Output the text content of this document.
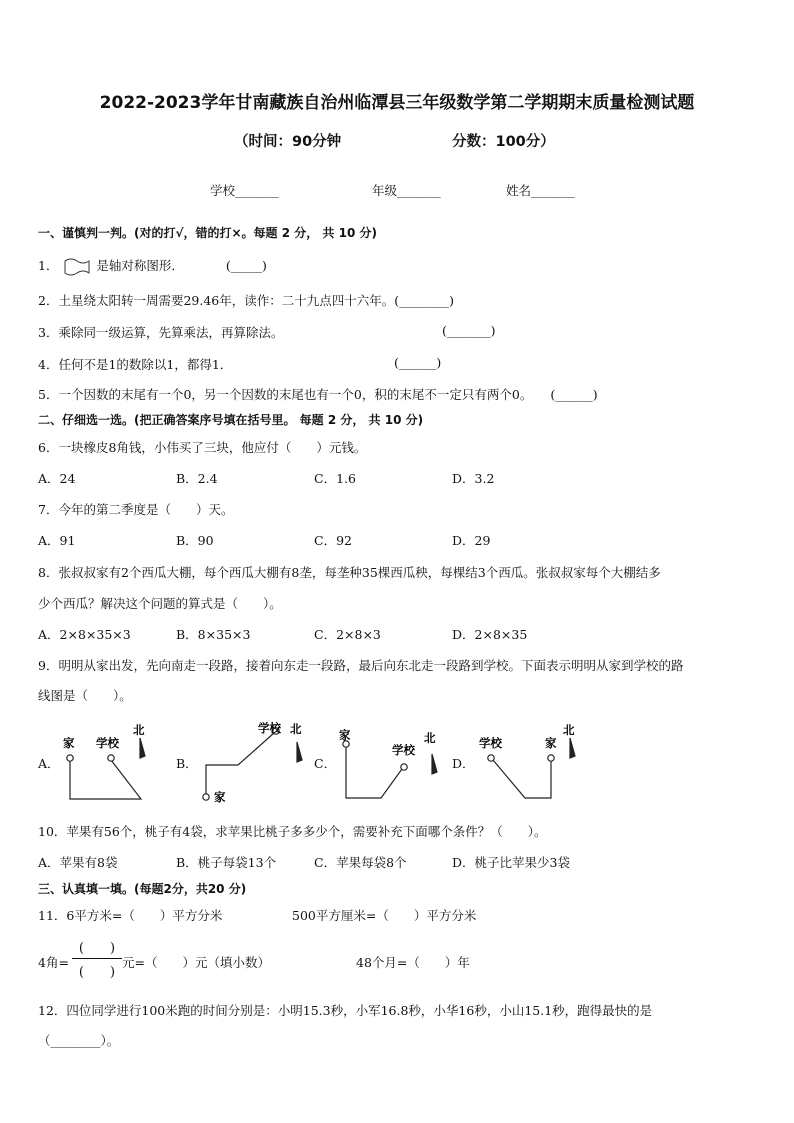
2022-2023学年甘南藏族自治州临潭县三年级数学第二学期期末质量检测试题
（时间：90分钟	分数：100分）
学校_______	年级_______	姓名_______
一、谨慎判一判。(对的打√，错的打×。每题 2 分， 共 10 分)
1．	是轴对称图形．	(_____)
2．土星绕太阳转一周需要29.46年，读作：二十九点四十六年。(________)
3．乘除同一级运算，先算乘法，再算除法。	(_______)
4．任何不是1的数除以1，都得1．	(______)
5．一个因数的末尾有一个0，另一个因数的末尾也有一个0，积的末尾不一定只有两个0。 (______)
二、仔细选一选。(把正确答案序号填在括号里。 每题 2 分， 共 10 分)
6．一块橡皮8角钱，小伟买了三块，他应付（　　）元钱。
A．24	B．2.4	C．1.6	D．3.2
7．今年的第二季度是（　　）天。
A．91	B．90	C．92	D．29
8．张叔叔家有2个西瓜大棚，每个西瓜大棚有8垄，每垄种35棵西瓜秧，每棵结3个西瓜。张叔叔家每个大棚结多
少个西瓜？解决这个问题的算式是（　　）。
A．2×8×35×3	B．8×35×3	C．2×8×3	D．2×8×35
9．明明从家出发，先向南走一段路，接着向东走一段路，最后向东北走一段路到学校。下面表示明明从家到学校的路
线图是（　　）。
A．	B．	C．	D．
家 学校
北
家
学校 北	家
学校
北	学校	家
北
10．苹果有56个，桃子有4袋，求苹果比桃子多多少个，需要补充下面哪个条件？（　　）。
A．苹果有8袋	B．桃子每袋13个	C．苹果每袋8个	D．桃子比苹果少3袋
三、认真填一填。(每题2分，共20 分)
11．6平方米=（　　）平方分米	500平方厘米=（　　）平方分米
4角=
(　　)
(　　)
元=（　　）元（填小数）	48个月=（　　）年
12．四位同学进行100米跑的时间分别是：小明15.3秒，小军16.8秒，小华16秒，小山15.1秒，跑得最快的是
（________）。
